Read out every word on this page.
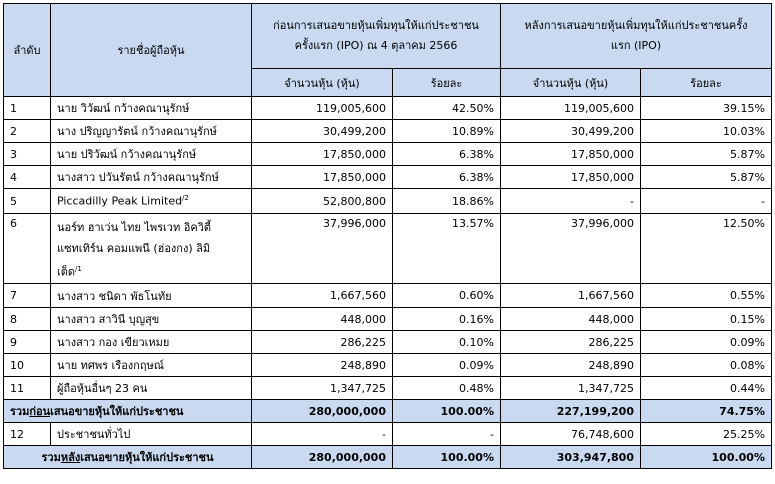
ลำดับ	รายชื่อผู้ถือหุ้น	ก่อนการเสนอขายหุ้นเพิ่มทุนให้แก่ประชาชน
ครั้งแรก (IPO) ณ 4 ตุลาคม 2566		หลังการเสนอขายหุ้นเพิ่มทุนให้แก่ประชาชนครั้ง
แรก (IPO)	
		จำนวนหุ้น (หุ้น)	ร้อยละ	จำนวนหุ้น (หุ้น)	ร้อยละ
1	นาย วิวัฒน์ กว้างคณานุรักษ์	119,005,600	42.50%	119,005,600	39.15%
2	นาง ปริญญารัตน์ กว้างคณานุรักษ์	30,499,200	10.89%	30,499,200	10.03%
3	นาย ปริวัฒน์ กว้างคณานุรักษ์	17,850,000	6.38%	17,850,000	5.87%
4	นางสาว ปวันรัตน์ กว้างคณานุรักษ์	17,850,000	6.38%	17,850,000	5.87%
5	Piccadilly Peak Limited$^{/2}$	52,800,800	18.86%	-	-
6	นอร์ท ฮาเว่น ไทย ไพรเวท อิควิตี้
แซทเทิร์น คอมแพนี (ฮ่องกง) ลิมิ
เต็ด$^{/1}$	37,996,000	13.57%	37,996,000	12.50%
7	นางสาว ชนิดา พัธโนทัย	1,667,560	0.60%	1,667,560	0.55%
8	นางสาว สาวินี บุญสุข	448,000	0.16%	448,000	0.15%
9	นางสาว กอง เขียวเหมย	286,225	0.10%	286,225	0.09%
10	นาย ทศพร เรืองกฤษณ์	248,890	0.09%	248,890	0.08%
11	ผู้ถือหุ้นอื่นๆ 23 คน	1,347,725	0.48%	1,347,725	0.44%
รวมก่อนเสนอขายหุ้นให้แก่ประชาชน		280,000,000	100.00%	227,199,200	74.75%
12	ประชาชนทั่วไป	-	-	76,748,600	25.25%
รวมหลังเสนอขายหุ้นให้แก่ประชาชน		280,000,000	100.00%	303,947,800	100.00%
